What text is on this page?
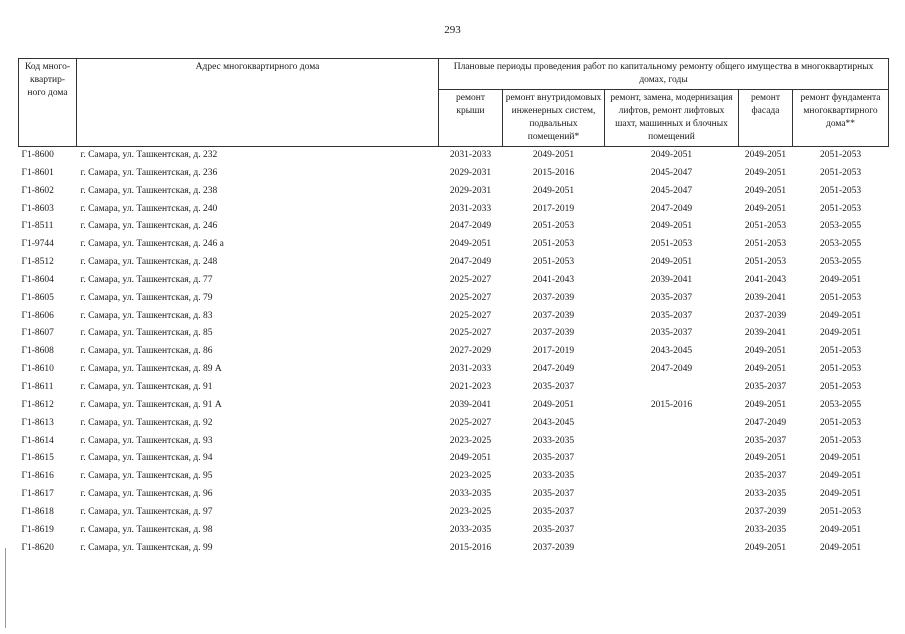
293
Код много-квартир-ного дома	Адрес многоквартирного дома	Плановые периоды проведения работ по капитальному ремонту общего имущества в многоквартирных домах, годы				
		ремонт крыши	ремонт внутридомовых инженерных систем, подвальных помещений*	ремонт, замена, модернизация лифтов, ремонт лифтовых шахт, машинных и блочных помещений	ремонт фасада	ремонт фундамента многоквартирного дома**
Г1-8600	г. Самара, ул. Ташкентская, д. 232	2031-2033	2049-2051	2049-2051	2049-2051	2051-2053
Г1-8601	г. Самара, ул. Ташкентская, д. 236	2029-2031	2015-2016	2045-2047	2049-2051	2051-2053
Г1-8602	г. Самара, ул. Ташкентская, д. 238	2029-2031	2049-2051	2045-2047	2049-2051	2051-2053
Г1-8603	г. Самара, ул. Ташкентская, д. 240	2031-2033	2017-2019	2047-2049	2049-2051	2051-2053
Г1-8511	г. Самара, ул. Ташкентская, д. 246	2047-2049	2051-2053	2049-2051	2051-2053	2053-2055
Г1-9744	г. Самара, ул. Ташкентская, д. 246 а	2049-2051	2051-2053	2051-2053	2051-2053	2053-2055
Г1-8512	г. Самара, ул. Ташкентская, д. 248	2047-2049	2051-2053	2049-2051	2051-2053	2053-2055
Г1-8604	г. Самара, ул. Ташкентская, д. 77	2025-2027	2041-2043	2039-2041	2041-2043	2049-2051
Г1-8605	г. Самара, ул. Ташкентская, д. 79	2025-2027	2037-2039	2035-2037	2039-2041	2051-2053
Г1-8606	г. Самара, ул. Ташкентская, д. 83	2025-2027	2037-2039	2035-2037	2037-2039	2049-2051
Г1-8607	г. Самара, ул. Ташкентская, д. 85	2025-2027	2037-2039	2035-2037	2039-2041	2049-2051
Г1-8608	г. Самара, ул. Ташкентская, д. 86	2027-2029	2017-2019	2043-2045	2049-2051	2051-2053
Г1-8610	г. Самара, ул. Ташкентская, д. 89 А	2031-2033	2047-2049	2047-2049	2049-2051	2051-2053
Г1-8611	г. Самара, ул. Ташкентская, д. 91	2021-2023	2035-2037		2035-2037	2051-2053
Г1-8612	г. Самара, ул. Ташкентская, д. 91 А	2039-2041	2049-2051	2015-2016	2049-2051	2053-2055
Г1-8613	г. Самара, ул. Ташкентская, д. 92	2025-2027	2043-2045		2047-2049	2051-2053
Г1-8614	г. Самара, ул. Ташкентская, д. 93	2023-2025	2033-2035		2035-2037	2051-2053
Г1-8615	г. Самара, ул. Ташкентская, д. 94	2049-2051	2035-2037		2049-2051	2049-2051
Г1-8616	г. Самара, ул. Ташкентская, д. 95	2023-2025	2033-2035		2035-2037	2049-2051
Г1-8617	г. Самара, ул. Ташкентская, д. 96	2033-2035	2035-2037		2033-2035	2049-2051
Г1-8618	г. Самара, ул. Ташкентская, д. 97	2023-2025	2035-2037		2037-2039	2051-2053
Г1-8619	г. Самара, ул. Ташкентская, д. 98	2033-2035	2035-2037		2033-2035	2049-2051
Г1-8620	г. Самара, ул. Ташкентская, д. 99	2015-2016	2037-2039		2049-2051	2049-2051
